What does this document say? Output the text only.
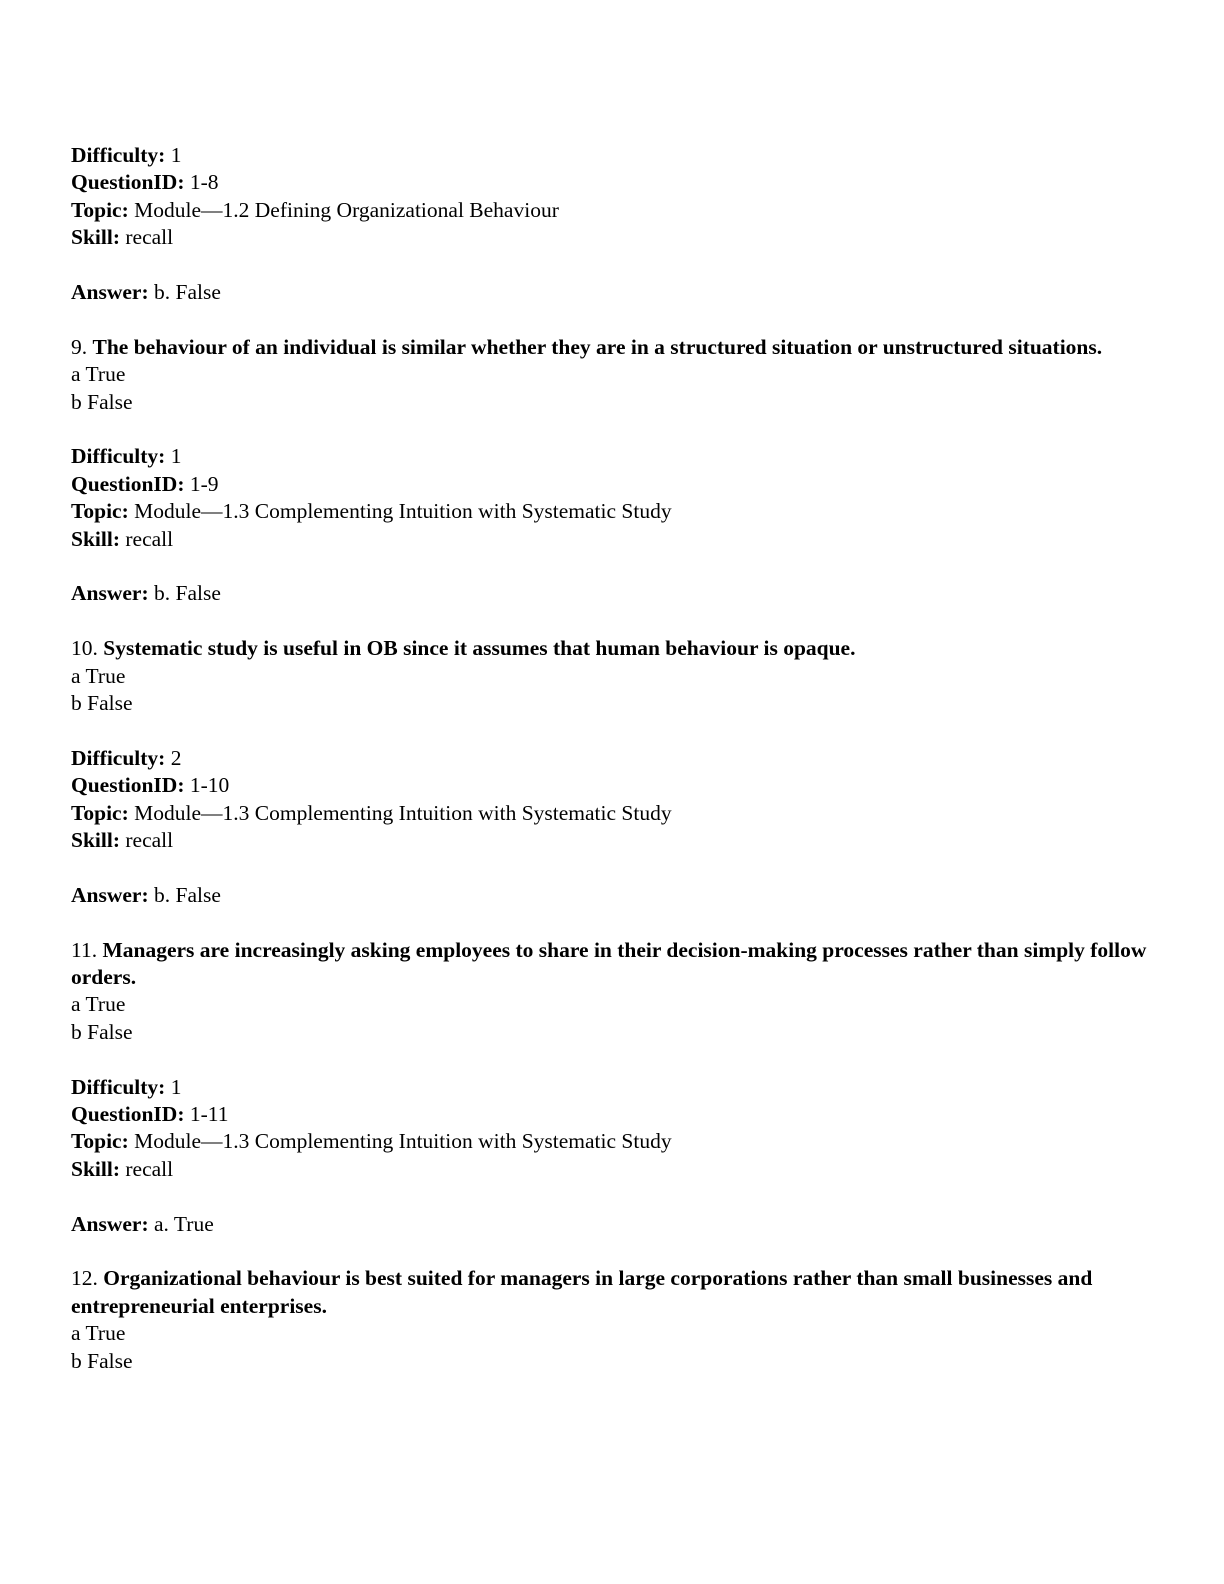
Difficulty: 1
QuestionID: 1-8
Topic: Module—1.2 Defining Organizational Behaviour
Skill: recall
Answer: b. False
9. The behaviour of an individual is similar whether they are in a structured situation or unstructured situations.
a True
b False
Difficulty: 1
QuestionID: 1-9
Topic: Module—1.3 Complementing Intuition with Systematic Study
Skill: recall
Answer: b. False
10. Systematic study is useful in OB since it assumes that human behaviour is opaque.
a True
b False
Difficulty: 2
QuestionID: 1-10
Topic: Module—1.3 Complementing Intuition with Systematic Study
Skill: recall
Answer: b. False
11. Managers are increasingly asking employees to share in their decision-making processes rather than simply follow orders.
a True
b False
Difficulty: 1
QuestionID: 1-11
Topic: Module—1.3 Complementing Intuition with Systematic Study
Skill: recall
Answer: a. True
12. Organizational behaviour is best suited for managers in large corporations rather than small businesses and entrepreneurial enterprises.
a True
b False
